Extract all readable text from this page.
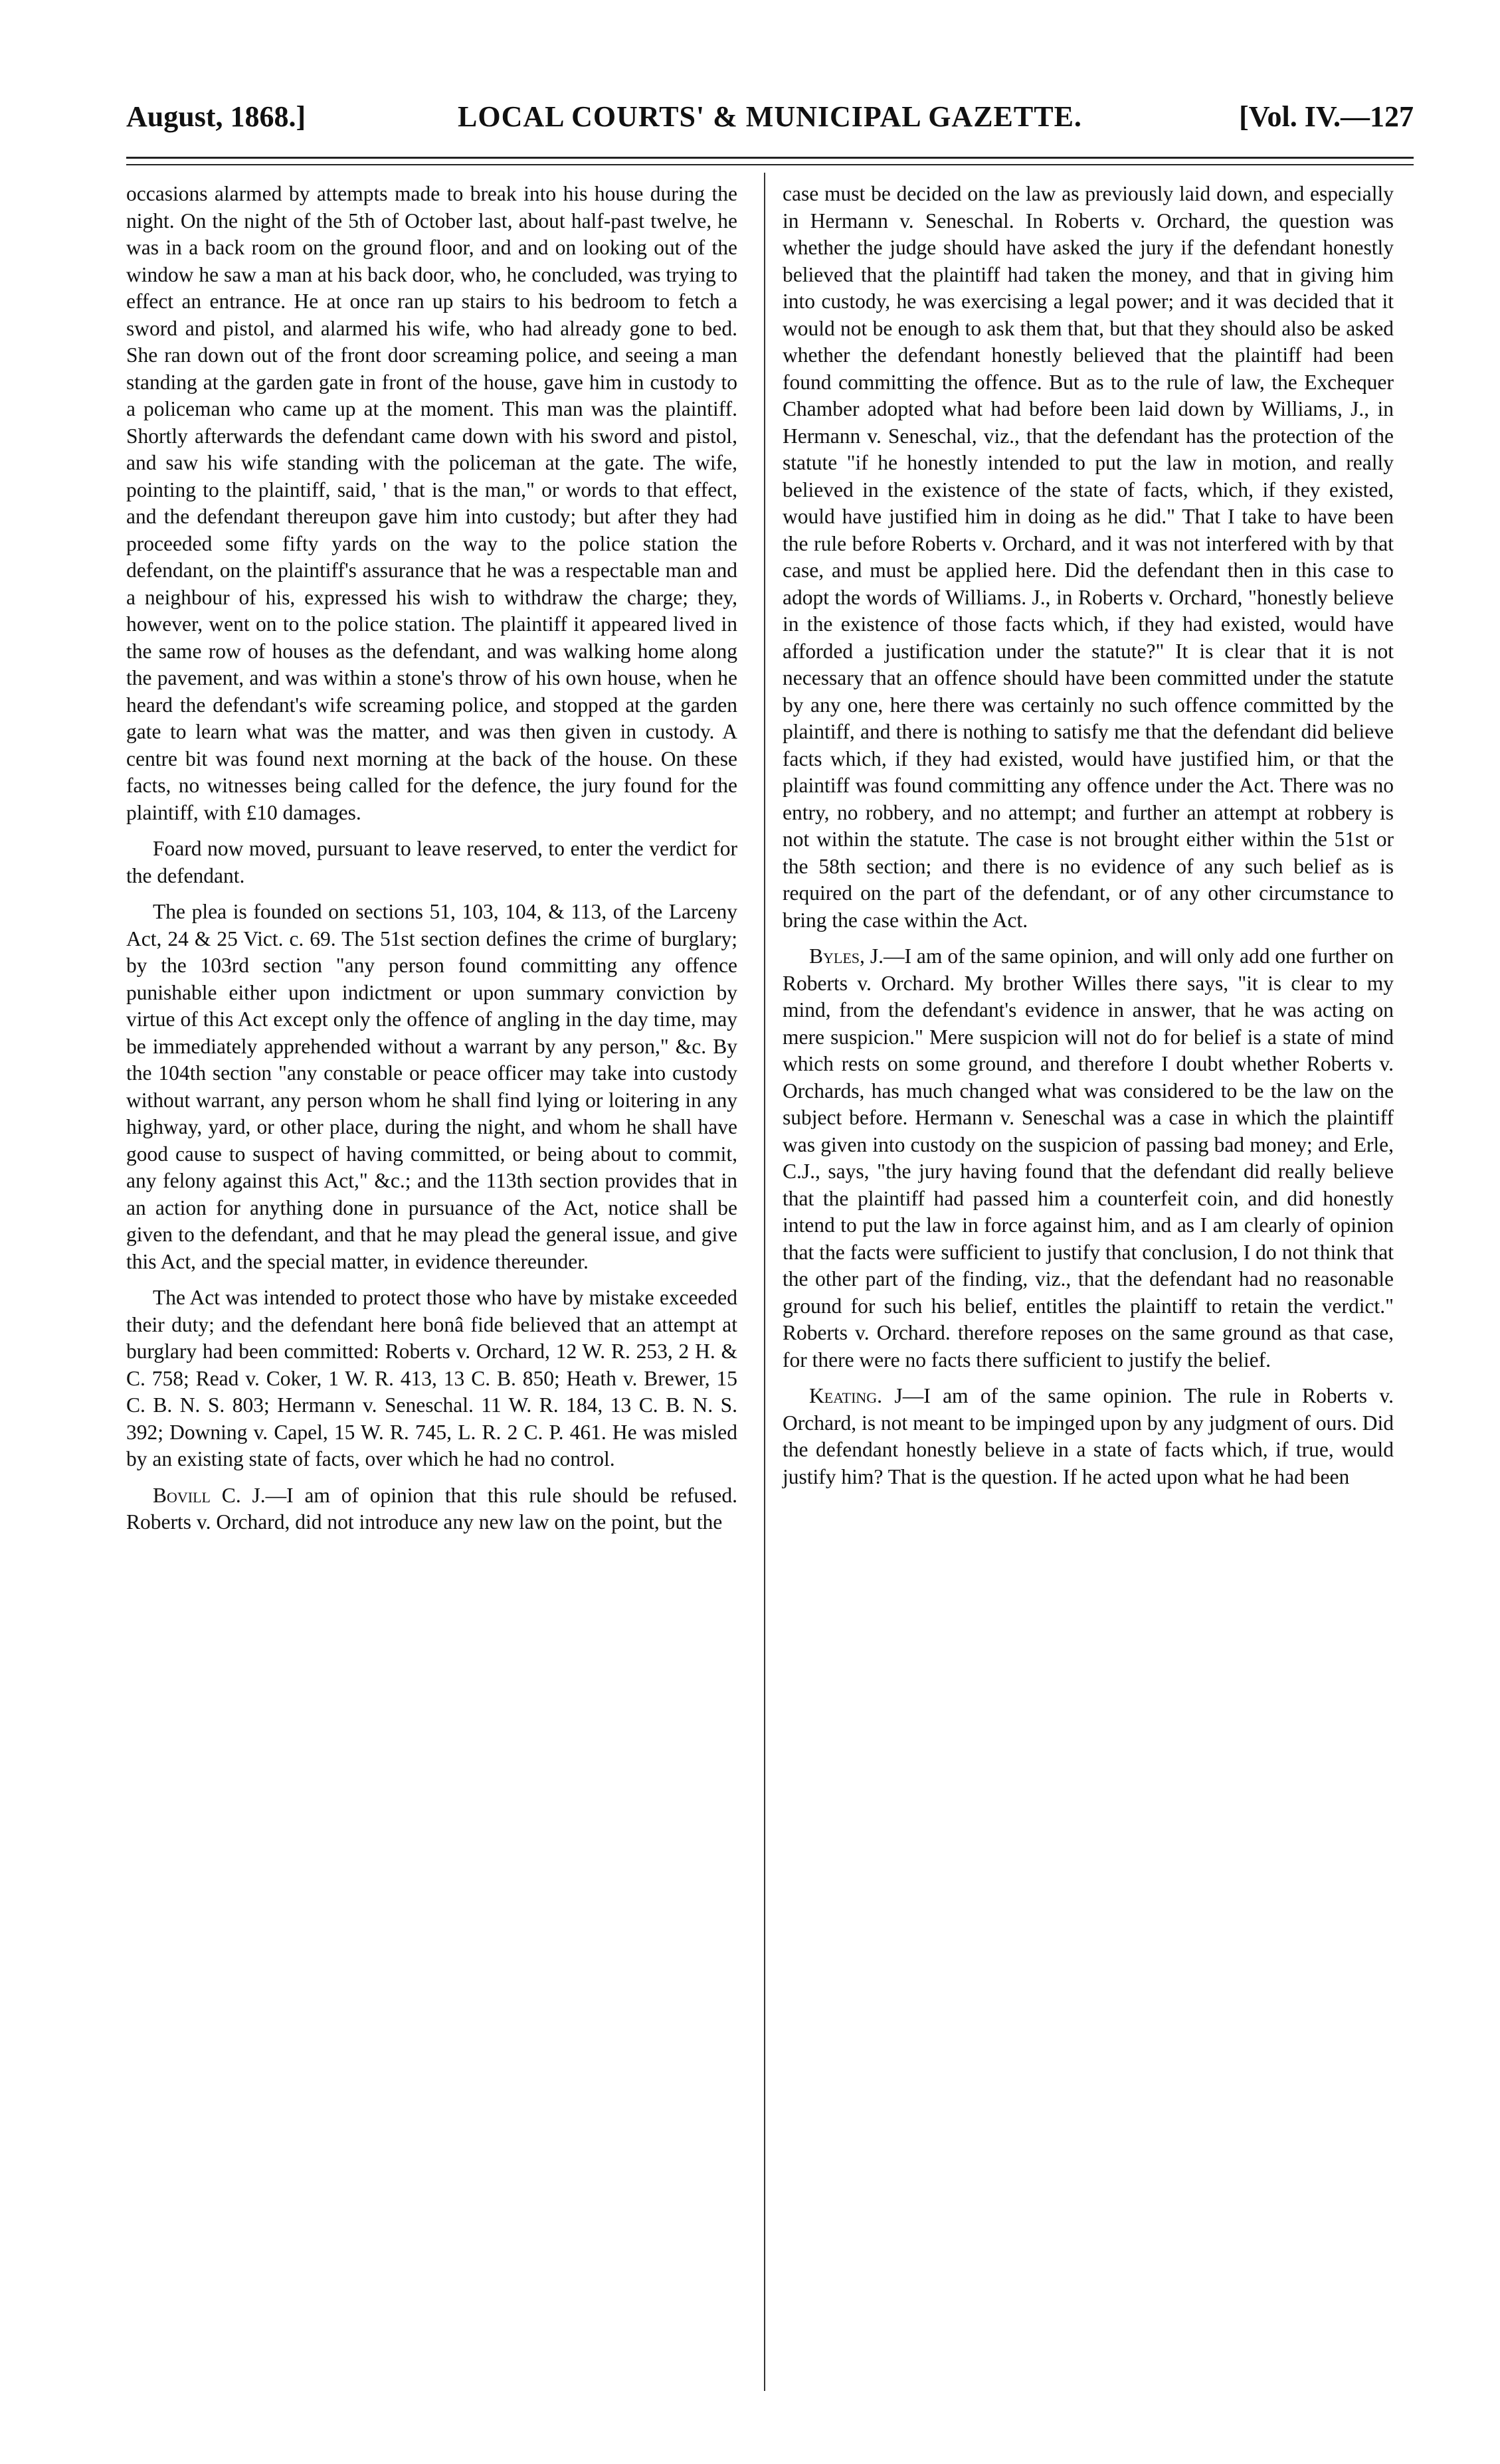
August, 1868.]	LOCAL COURTS' & MUNICIPAL GAZETTE.	[Vol. IV.—127

occasions alarmed by attempts made to break into his house during the night. On the night of the 5th of October last, about half-past twelve, he was in a back room on the ground floor, and and on looking out of the window he saw a man at his back door, who, he concluded, was trying to effect an entrance. He at once ran up stairs to his bedroom to fetch a sword and pistol, and alarmed his wife, who had already gone to bed. She ran down out of the front door screaming police, and seeing a man standing at the garden gate in front of the house, gave him in custody to a policeman who came up at the moment. This man was the plaintiff. Shortly afterwards the defendant came down with his sword and pistol, and saw his wife standing with the policeman at the gate. The wife, pointing to the plaintiff, said, ' that is the man," or words to that effect, and the defendant thereupon gave him into custody; but after they had proceeded some fifty yards on the way to the police station the defendant, on the plaintiff's assurance that he was a respectable man and a neighbour of his, expressed his wish to withdraw the charge; they, however, went on to the police station. The plaintiff it appeared lived in the same row of houses as the defendant, and was walking home along the pavement, and was within a stone's throw of his own house, when he heard the defendant's wife screaming police, and stopped at the garden gate to learn what was the matter, and was then given in custody. A centre bit was found next morning at the back of the house. On these facts, no witnesses being called for the defence, the jury found for the plaintiff, with £10 damages.

Foard now moved, pursuant to leave reserved, to enter the verdict for the defendant.

The plea is founded on sections 51, 103, 104, & 113, of the Larceny Act, 24 & 25 Vict. c. 69. The 51st section defines the crime of burglary; by the 103rd section "any person found committing any offence punishable either upon indictment or upon summary conviction by virtue of this Act except only the offence of angling in the day time, may be immediately apprehended without a warrant by any person," &c. By the 104th section "any constable or peace officer may take into custody without warrant, any person whom he shall find lying or loitering in any highway, yard, or other place, during the night, and whom he shall have good cause to suspect of having committed, or being about to commit, any felony against this Act," &c.; and the 113th section provides that in an action for anything done in pursuance of the Act, notice shall be given to the defendant, and that he may plead the general issue, and give this Act, and the special matter, in evidence thereunder.

The Act was intended to protect those who have by mistake exceeded their duty; and the defendant here bonâ fide believed that an attempt at burglary had been committed: Roberts v. Orchard, 12 W. R. 253, 2 H. & C. 758; Read v. Coker, 1 W. R. 413, 13 C. B. 850; Heath v. Brewer, 15 C. B. N. S. 803; Hermann v. Seneschal. 11 W. R. 184, 13 C. B. N. S. 392; Downing v. Capel, 15 W. R. 745, L. R. 2 C. P. 461. He was misled by an existing state of facts, over which he had no control.

Bovill C. J.—I am of opinion that this rule should be refused. Roberts v. Orchard, did not introduce any new law on the point, but the

case must be decided on the law as previously laid down, and especially in Hermann v. Seneschal. In Roberts v. Orchard, the question was whether the judge should have asked the jury if the defendant honestly believed that the plaintiff had taken the money, and that in giving him into custody, he was exercising a legal power; and it was decided that it would not be enough to ask them that, but that they should also be asked whether the defendant honestly believed that the plaintiff had been found committing the offence. But as to the rule of law, the Exchequer Chamber adopted what had before been laid down by Williams, J., in Hermann v. Seneschal, viz., that the defendant has the protection of the statute "if he honestly intended to put the law in motion, and really believed in the existence of the state of facts, which, if they existed, would have justified him in doing as he did." That I take to have been the rule before Roberts v. Orchard, and it was not interfered with by that case, and must be applied here. Did the defendant then in this case to adopt the words of Williams. J., in Roberts v. Orchard, "honestly believe in the existence of those facts which, if they had existed, would have afforded a justification under the statute?" It is clear that it is not necessary that an offence should have been committed under the statute by any one, here there was certainly no such offence committed by the plaintiff, and there is nothing to satisfy me that the defendant did believe facts which, if they had existed, would have justified him, or that the plaintiff was found committing any offence under the Act. There was no entry, no robbery, and no attempt; and further an attempt at robbery is not within the statute. The case is not brought either within the 51st or the 58th section; and there is no evidence of any such belief as is required on the part of the defendant, or of any other circumstance to bring the case within the Act.

Byles, J.—I am of the same opinion, and will only add one further on Roberts v. Orchard. My brother Willes there says, "it is clear to my mind, from the defendant's evidence in answer, that he was acting on mere suspicion." Mere suspicion will not do for belief is a state of mind which rests on some ground, and therefore I doubt whether Roberts v. Orchards, has much changed what was considered to be the law on the subject before. Hermann v. Seneschal was a case in which the plaintiff was given into custody on the suspicion of passing bad money; and Erle, C.J., says, "the jury having found that the defendant did really believe that the plaintiff had passed him a counterfeit coin, and did honestly intend to put the law in force against him, and as I am clearly of opinion that the facts were sufficient to justify that conclusion, I do not think that the other part of the finding, viz., that the defendant had no reasonable ground for such his belief, entitles the plaintiff to retain the verdict." Roberts v. Orchard. therefore reposes on the same ground as that case, for there were no facts there sufficient to justify the belief.

Keating. J—I am of the same opinion. The rule in Roberts v. Orchard, is not meant to be impinged upon by any judgment of ours. Did the defendant honestly believe in a state of facts which, if true, would justify him? That is the question. If he acted upon what he had been
